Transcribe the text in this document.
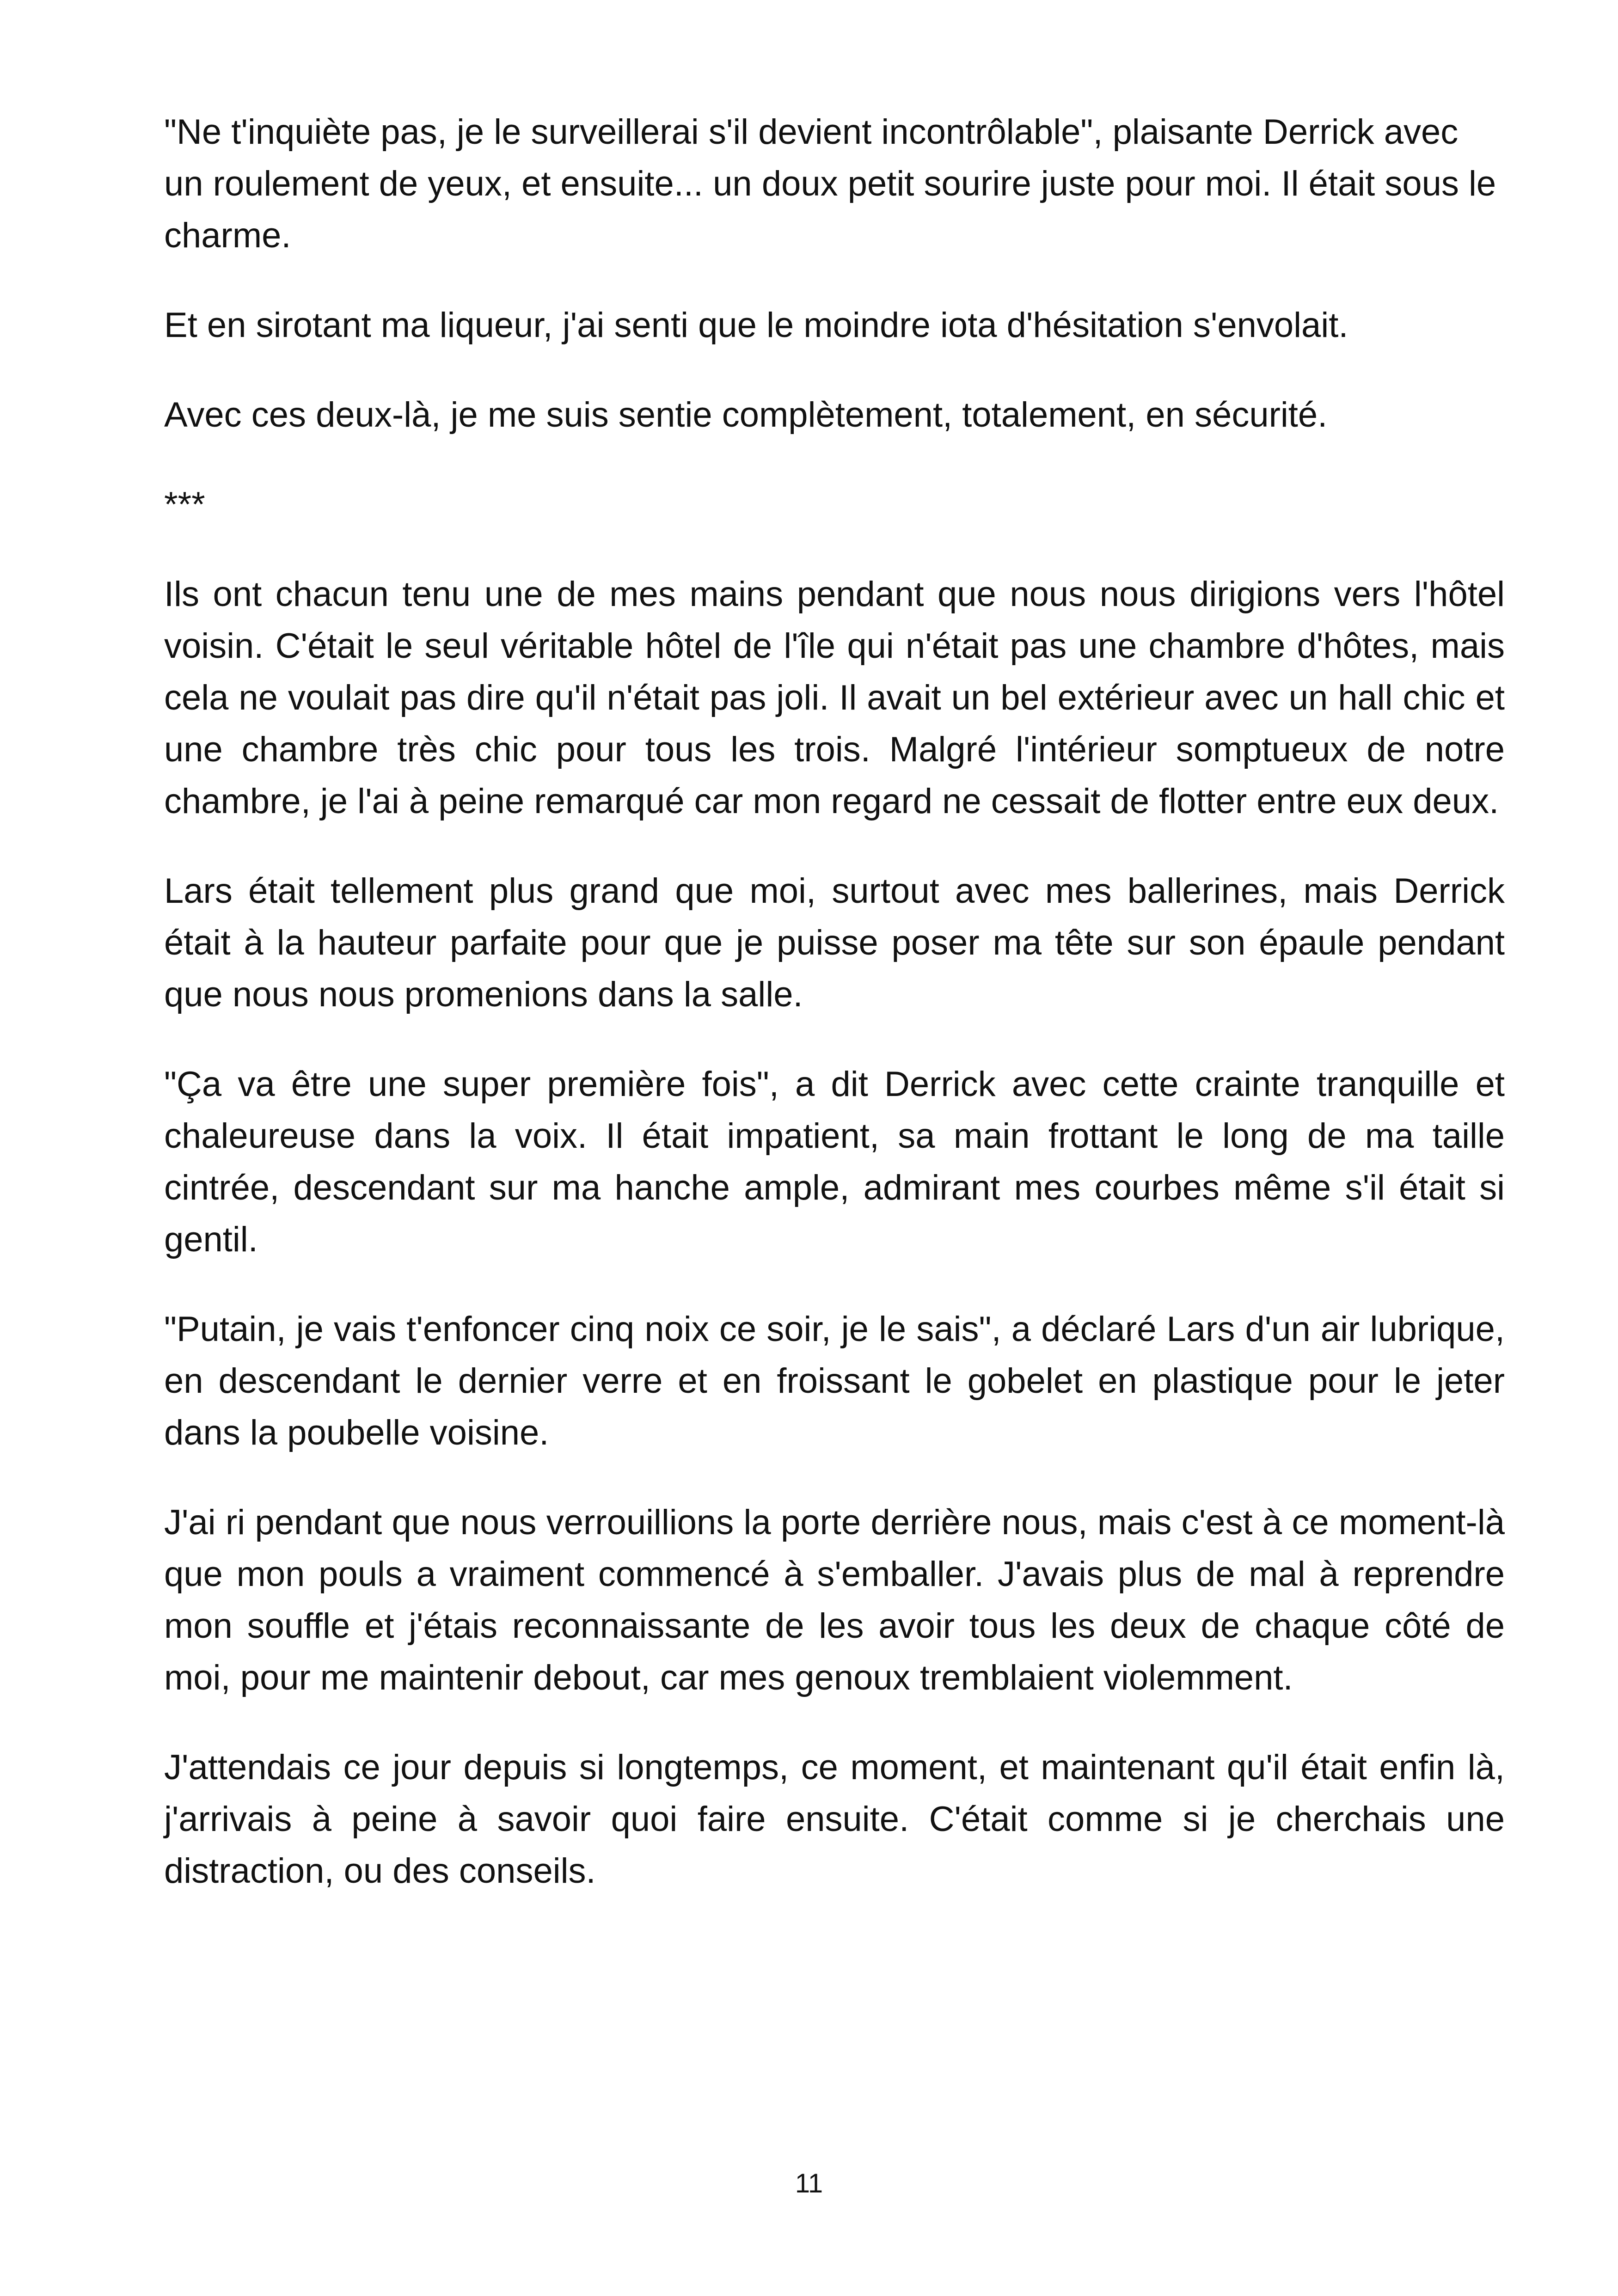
"Ne t'inquiète pas, je le surveillerai s'il devient incontrôlable", plaisante Derrick avec un roulement de yeux, et ensuite... un doux petit sourire juste pour moi. Il était sous le charme.

Et en sirotant ma liqueur, j'ai senti que le moindre iota d'hésitation s'envolait.

Avec ces deux-là, je me suis sentie complètement, totalement, en sécurité.

***

Ils ont chacun tenu une de mes mains pendant que nous nous dirigions vers l'hôtel voisin. C'était le seul véritable hôtel de l'île qui n'était pas une chambre d'hôtes, mais cela ne voulait pas dire qu'il n'était pas joli. Il avait un bel extérieur avec un hall chic et une chambre très chic pour tous les trois. Malgré l'intérieur somptueux de notre chambre, je l'ai à peine remarqué car mon regard ne cessait de flotter entre eux deux.

Lars était tellement plus grand que moi, surtout avec mes ballerines, mais Derrick était à la hauteur parfaite pour que je puisse poser ma tête sur son épaule pendant que nous nous promenions dans la salle.

"Ça va être une super première fois", a dit Derrick avec cette crainte tranquille et chaleureuse dans la voix. Il était impatient, sa main frottant le long de ma taille cintrée, descendant sur ma hanche ample, admirant mes courbes même s'il était si gentil.

"Putain, je vais t'enfoncer cinq noix ce soir, je le sais", a déclaré Lars d'un air lubrique, en descendant le dernier verre et en froissant le gobelet en plastique pour le jeter dans la poubelle voisine.

J'ai ri pendant que nous verrouillions la porte derrière nous, mais c'est à ce moment-là que mon pouls a vraiment commencé à s'emballer. J'avais plus de mal à reprendre mon souffle et j'étais reconnaissante de les avoir tous les deux de chaque côté de moi, pour me maintenir debout, car mes genoux tremblaient violemment.

J'attendais ce jour depuis si longtemps, ce moment, et maintenant qu'il était enfin là, j'arrivais à peine à savoir quoi faire ensuite. C'était comme si je cherchais une distraction, ou des conseils.

11
